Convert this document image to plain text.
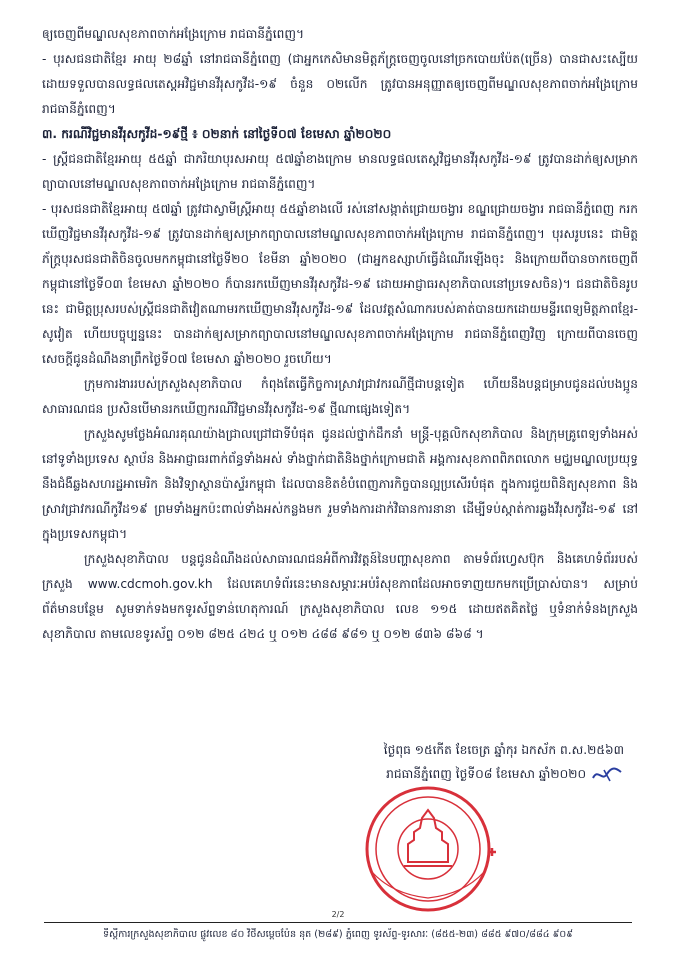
ឲ្យចេញពីមណ្ឌលសុខភាពចាក់អង្រែក្រោម រាជធានីភ្នំពេញ។

- បុរសជនជាតិខ្មែរ អាយុ ២៨ឆ្នាំ នៅរាជធានីភ្នំពេញ (ជាអ្នកកេសិមានមិត្តភ័ក្ត្រចេញចូលនៅច្រកបោយប៉ែត(ច្រើន) បានជាសះស្បើយ ដោយទទួលបានលទ្ធផលតេស្តអវិជ្ជមានវីរុសកូវីដ-១៩ ចំនួន ០២លើក ត្រូវបានអនុញ្ញាតឲ្យចេញពីមណ្ឌលសុខភាពចាក់អង្រែក្រោម រាជធានីភ្នំពេញ។

៣. ករណីវិជ្ជមានវីរុសកូវីដ-១៩ថ្មី ៖ ០២នាក់ នៅថ្ងៃទី០៧ ខែមេសា ឆ្នាំ២០២០

- ស្ត្រីជនជាតិខ្មែរអាយុ ៥៥ឆ្នាំ ជាភរិយាបុរសអាយុ ៥៧ឆ្នាំខាងក្រោម មានលទ្ធផលតេស្តវិជ្ជមានវីរុសកូវីដ-១៩ ត្រូវបានដាក់ឲ្យសម្រាកព្យាបាលនៅមណ្ឌលសុខភាពចាក់អង្រែក្រោម រាជធានីភ្នំពេញ។

- បុរសជនជាតិខ្មែរអាយុ ៥៧ឆ្នាំ ត្រូវជាស្វាមីស្ត្រីអាយុ ៥៥ឆ្នាំខាងលើ រស់នៅសង្កាត់ជ្រោយចង្វារ ខណ្ឌជ្រោយចង្វារ រាជធានីភ្នំពេញ ករកឃើញវិជ្ជមានវីរុសកូវីដ-១៩ ត្រូវបានដាក់ឲ្យសម្រាកព្យាបាលនៅមណ្ឌលសុខភាពចាក់អង្រែក្រោម រាជធានីភ្នំពេញ។ បុរសរូបនេះ ជាមិត្តភ័ក្ត្របុរសជនជាតិចិនចូលមកកម្ពុជានៅថ្ងៃទី២០ ខែមីនា ឆ្នាំ២០២០ (ជាអ្នកឧស្សាហ៍ធ្វើដំណើរឡើងចុះ និងក្រោយពីបានចាកចេញពីកម្ពុជានៅថ្ងៃទី០៣ ខែមេសា ឆ្នាំ២០២០ ក៏បានរកឃើញមានវីរុសកូវីដ-១៩ ដោយអាជ្ញាធរសុខាភិបាលនៅប្រទេសចិន)។ ជនជាតិចិនរូបនេះ ជាមិត្តប្រុសរបស់ស្ត្រីជនជាតិវៀតណាមរកឃើញមានវីរុសកូវីដ-១៩ ដែលវត្តសំណាករបស់គាត់បានយកដោយមន្ទីរពេទ្យមិត្តភាពខ្មែរ-សូវៀត ហើយបច្ចុប្បន្ននេះ បានដាក់ឲ្យសម្រាកព្យាបាលនៅមណ្ឌលសុខភាពចាក់អង្រែក្រោម រាជធានីភ្នំពេញវិញ ក្រោយពីបានចេញសេចក្តីជូនដំណឹងនាព្រឹកថ្ងៃទី០៧ ខែមេសា ឆ្នាំ២០២០ រួចហើយ។

ក្រុមការងាររបស់ក្រសួងសុខាភិបាល កំពុងតែធ្វើកិច្ចការស្រាវជ្រាវករណីថ្មីជាបន្តទៀត ហើយនឹងបន្តជម្រាបជូនដល់បងប្អូនសាធារណជន ប្រសិនបើមានរកឃើញករណីវិជ្ជមានវីរុសកូវីដ-១៩ ថ្មីណាផ្សេងទៀត។

ក្រសួងសូមថ្លែងអំណរគុណយ៉ាងជ្រាលជ្រៅជាទីបំផុត ជូនដល់ថ្នាក់ដឹកនាំ មន្ត្រី-បុគ្គលិកសុខាភិបាល និងក្រុមគ្រូពេទ្យទាំងអស់នៅទូទាំងប្រទេស ស្ថាប័ន និងអាជ្ញាធរពាក់ព័ន្ធទាំងអស់ ទាំងថ្នាក់ជាតិនិងថ្នាក់ក្រោមជាតិ អង្គការសុខភាពពិភពលោក មជ្ឈមណ្ឌលប្រយុទ្ធនឹងជំងឺឆ្លងសហរដ្ឋអាមេរិក និងវិទ្យាស្ថានប៉ាស្ទ័រកម្ពុជា ដែលបានខិតខំបំពេញភារកិច្ចបានល្អប្រសើរបំផុត ក្នុងការជួយពិនិត្យសុខភាព និងស្រាវជ្រាវករណីកូវីដ១៩ ព្រមទាំងអ្នកប៉ះពាល់ទាំងអស់កន្លងមក រួមទាំងការដាក់វិធានការនានា ដើម្បីទប់ស្កាត់ការឆ្លងវីរុសកូវីដ-១៩ នៅក្នុងប្រទេសកម្ពុជា។

ក្រសួងសុខាភិបាល បន្តជូនដំណឹងដល់សាធារណជនអំពីការវិវត្តន៍នៃបញ្ហាសុខភាព តាមទំព័រហ្វេសប៊ុក និងគេហទំព័ររបស់ក្រសួង www.cdcmoh.gov.kh ដែលគេហទំព័រនេះមានសម្ភារៈអប់រំសុខភាពដែលអាចទាញយកមកប្រើប្រាស់បាន។ សម្រាប់ព័ត៌មានបន្ថែម សូមទាក់ទងមកទូរស័ព្ទទាន់ហេតុការណ៍ ក្រសួងសុខាភិបាល លេខ ១១៥ ដោយឥតគិតថ្លៃ ឬទំនាក់ទំនងក្រសួងសុខាភិបាល តាមលេខទូរស័ព្ទ ០១២ ៨២៥ ៤២៤ ឬ ០១២ ៤៨៨ ៩៨១ ឬ ០១២ ៨៣៦ ៨៦៨ ។

ថ្ងៃពុធ ១៥កើត ខែចេត្រ ឆ្នាំកុរ ឯកស័ក ព.ស.២៥៦៣
រាជធានីភ្នំពេញ ថ្ងៃទី០៨ ខែមេសា ឆ្នាំ២០២០
2/2
ទីស្តីការក្រសួងសុខាភិបាល ផ្លូវលេខ ៨០ វិថីសម្តេចប៉ែន នុត (២៨៩) ភ្នំពេញ ទូរស័ព្ទ-ទូរសារៈ (៨៥៥-២៣) ៨៨៥ ៩៧០/៨៨៤ ៩០៩
